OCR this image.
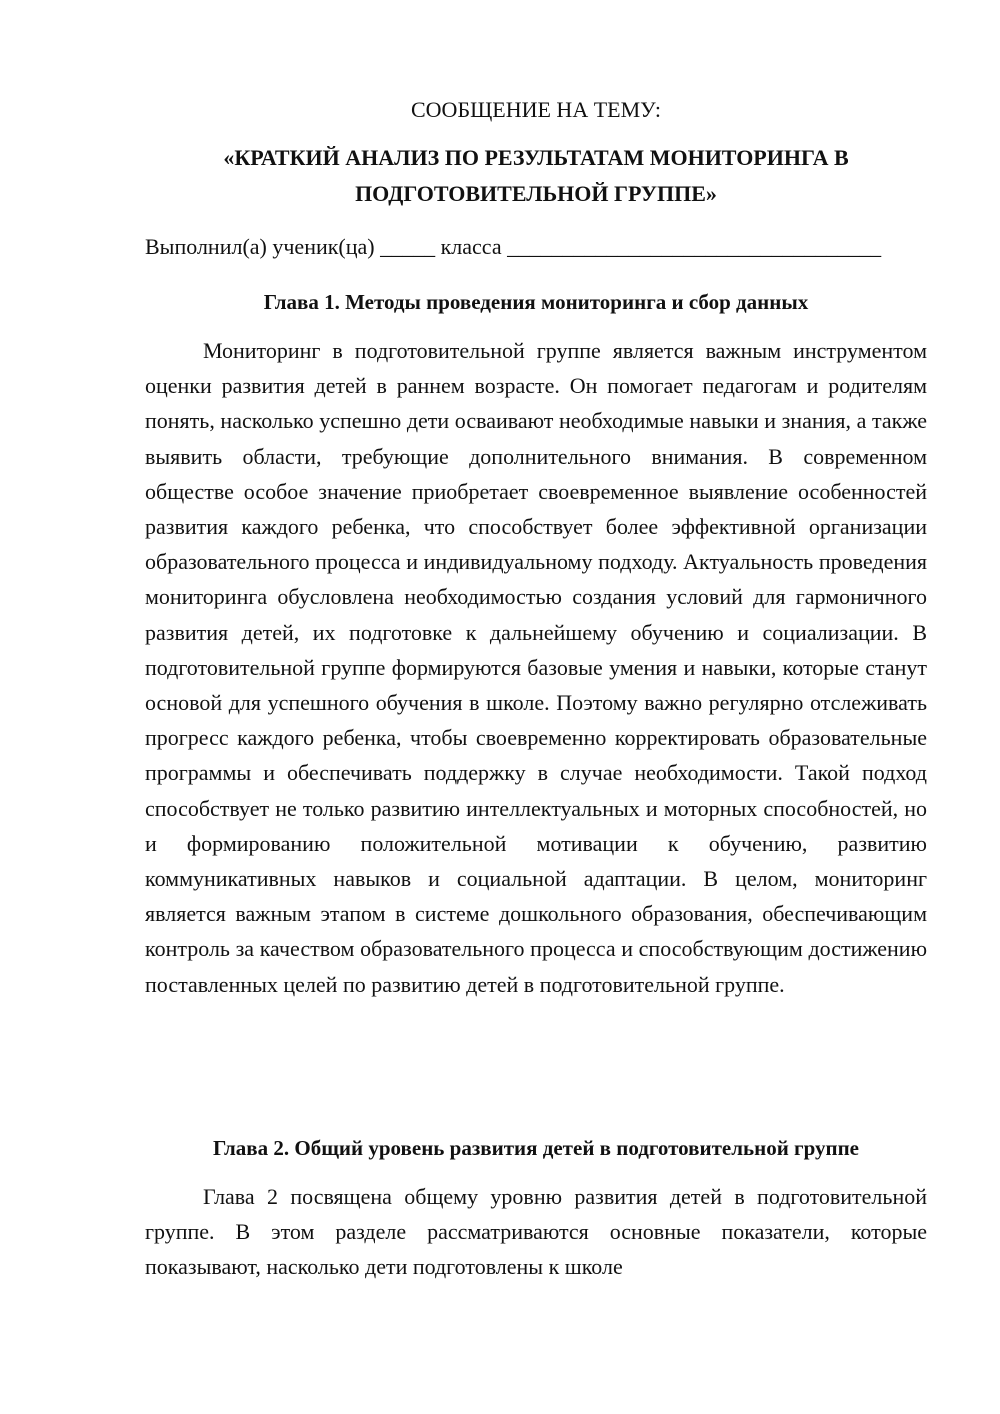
СООБЩЕНИЕ НА ТЕМУ:

«КРАТКИЙ АНАЛИЗ ПО РЕЗУЛЬТАТАМ МОНИТОРИНГА В ПОДГОТОВИТЕЛЬНОЙ ГРУППЕ»

Выполнил(а) ученик(ца) _____ класса __________________________________

Глава 1. Методы проведения мониторинга и сбор данных

Мониторинг в подготовительной группе является важным инструментом оценки развития детей в раннем возрасте. Он помогает педагогам и родителям понять, насколько успешно дети осваивают необходимые навыки и знания, а также выявить области, требующие дополнительного внимания. В современном обществе особое значение приобретает своевременное выявление особенностей развития каждого ребенка, что способствует более эффективной организации образовательного процесса и индивидуальному подходу. Актуальность проведения мониторинга обусловлена необходимостью создания условий для гармоничного развития детей, их подготовке к дальнейшему обучению и социализации. В подготовительной группе формируются базовые умения и навыки, которые станут основой для успешного обучения в школе. Поэтому важно регулярно отслеживать прогресс каждого ребенка, чтобы своевременно корректировать образовательные программы и обеспечивать поддержку в случае необходимости. Такой подход способствует не только развитию интеллектуальных и моторных способностей, но и формированию положительной мотивации к обучению, развитию коммуникативных навыков и социальной адаптации. В целом, мониторинг является важным этапом в системе дошкольного образования, обеспечивающим контроль за качеством образовательного процесса и способствующим достижению поставленных целей по развитию детей в подготовительной группе.

Глава 2. Общий уровень развития детей в подготовительной группе

Глава 2 посвящена общему уровню развития детей в подготовительной группе. В этом разделе рассматриваются основные показатели, которые показывают, насколько дети подготовлены к школе
